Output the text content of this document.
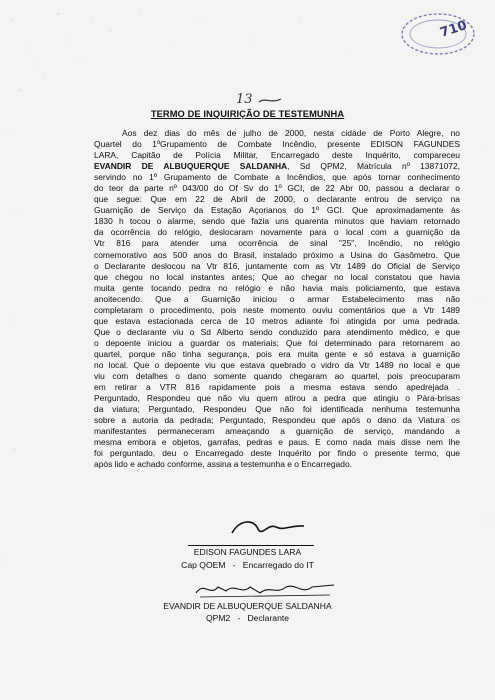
710
13
TERMO DE INQUIRIÇÃO DE TESTEMUNHA
Aos dez dias do mês de julho de 2000, nesta cidade de Porto Alegre, no
Quartel do 1ºGrupamento de Combate Incêndio, presente EDISON FAGUNDES
LARA, Capitão de Polícia Militar, Encarregado deste Inquérito, compareceu
EVANDIR DE ALBUQUERQUE SALDANHA, Sd QPM2, Matrícula nº 13871072,
servindo no 1º Grupamento de Combate a Incêndios, que após tornar conhecimento
do teor da parte nº 043/00 do Of Sv do 1º GCI, de 22 Abr 00, passou a declarar o
que segue: Que em 22 de Abril de 2000, o declarante entrou de serviço na
Guarnição de Serviço da Estação Açorianos do 1º GCI. Que aproximadamente às
1830 h tocou o alarme, sendo que fazia uns quarenta minutos que haviam retornado
da ocorrência do relógio, deslocaram novamente para o local com a guarnição da
Vtr 816 para atender uma ocorrência de sinal "25", Incêndio, no relógio
comemorativo aos 500 anos do Brasil, instalado próximo a Usina do Gasômetro. Que
o Declarante deslocou na Vtr 816, juntamente com as Vtr 1489 do Oficial de Serviço
que chegou no local instantes antes; Que ao chegar no local constatou que havia
muita gente tocando pedra no relógio e não havia mais policiamento, que estava
anoitecendo. Que a Guarnição iniciou o armar Estabelecimento mas não
completaram o procedimento, pois neste momento ouviu comentários que a Vtr 1489
que estava estacionada cerca de 10 metros adiante foi atingida por uma pedrada.
Que o declarante viu o Sd Alberto sendo conduzido para atendimento médico, e que
o depoente iniciou a guardar os materiais; Que foi determinado para retornarem ao
quartel, porque não tinha segurança, pois era muita gente e só estava a guarnição
no local. Que o depoente viu que estava quebrado o vidro da Vtr 1489 no local e que
viu com detalhes o dano somente quando chegaram ao quartel, pois preocuparam
em retirar a VTR 816 rapidamente pois a mesma estava sendo apedrejada .
Perguntado, Respondeu que não viu quem atirou a pedra que atingiu o Pára-brisas
da viatura; Perguntado, Respondeu Que não foi identificada nenhuma testemunha
sobre a autoria da pedrada; Perguntado, Respondeu que após o dano da Viatura os
manifestantes permaneceram ameaçando a guarnição de serviço, mandando a
mesma embora e objetos, garrafas, pedras e paus. E como nada mais disse nem lhe
foi perguntado, deu o Encarregado deste Inquérito por findo o presente termo, que
após lido e achado conforme, assina a testemunha e o Encarregado.
EDISON FAGUNDES LARA
Cap QOEM   -   Encarregado do IT
EVANDIR DE ALBUQUERQUE SALDANHA
QPM2   -   Declarante
